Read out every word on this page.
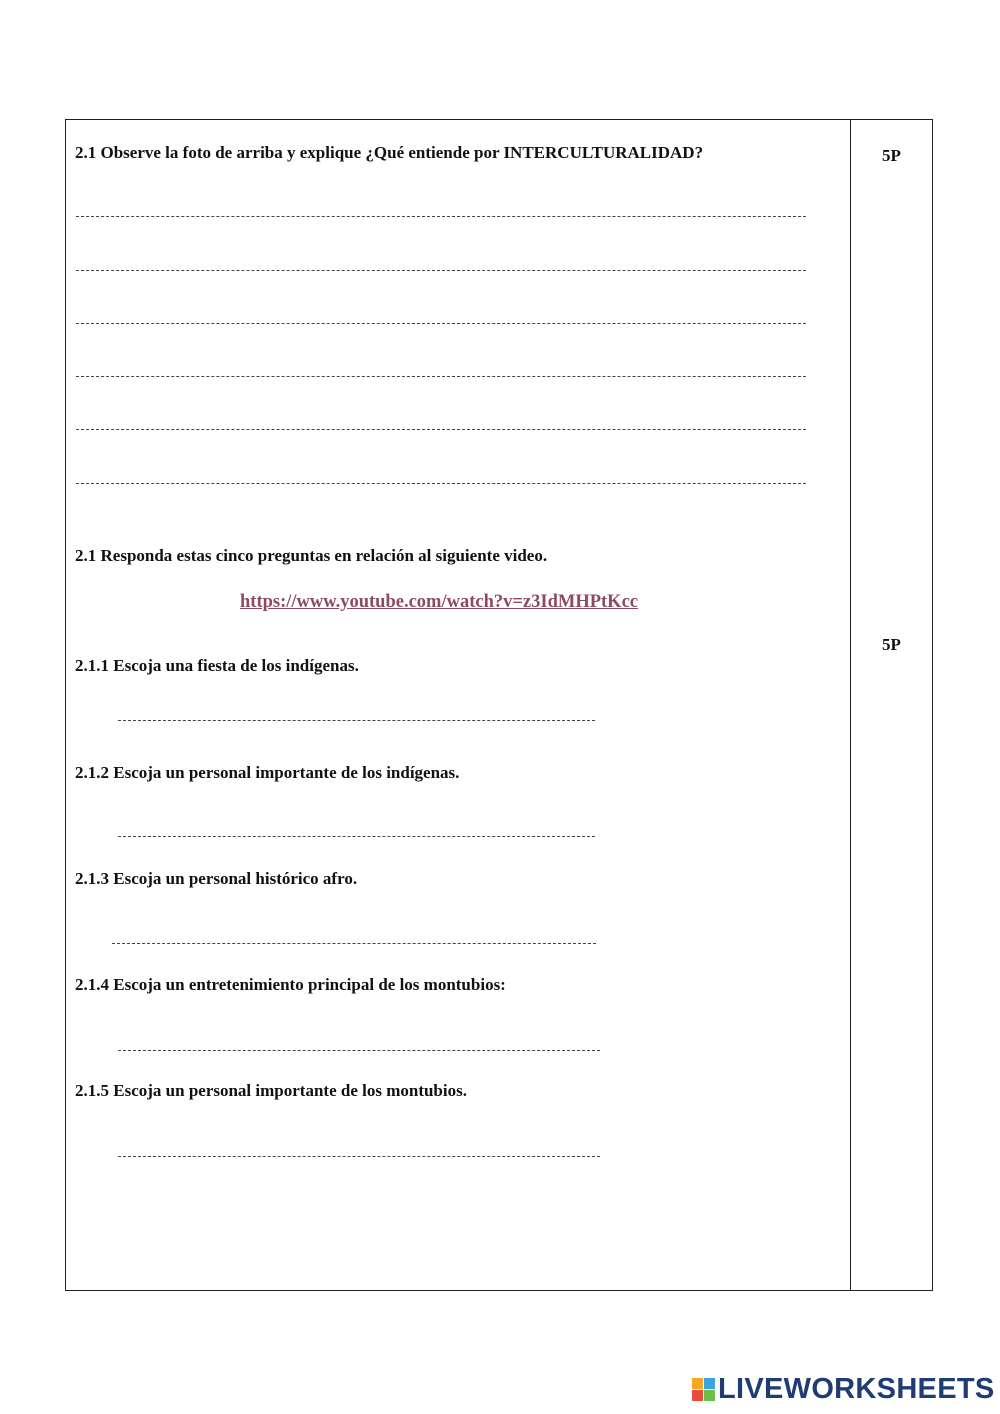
2.1 Observe la foto de arriba y explique ¿Qué entiende por INTERCULTURALIDAD?	5P
2.1 Responda estas cinco preguntas en relación al siguiente video.
https://www.youtube.com/watch?v=z3IdMHPtKcc
5P
2.1.1 Escoja una fiesta de los indígenas.
2.1.2 Escoja un personal importante de los indígenas.
2.1.3 Escoja un personal histórico afro.
2.1.4 Escoja un entretenimiento principal de los montubios:
2.1.5 Escoja un personal importante de los montubios.
LIVEWORKSHEETS
